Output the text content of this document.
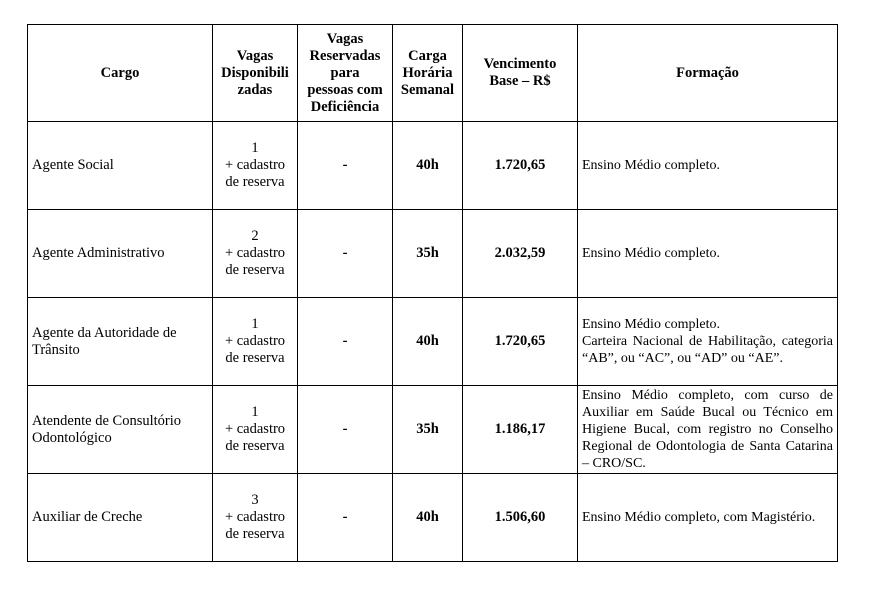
Cargo	Vagas
Disponibili
zadas	Vagas
Reservadas
para
pessoas com
Deficiência	Carga
Horária
Semanal	Vencimento
Base – R$	Formação

Agente Social	1
+ cadastro
de reserva	-	40h	1.720,65	Ensino Médio completo.

Agente Administrativo	2
+ cadastro
de reserva	-	35h	2.032,59	Ensino Médio completo.

Agente da Autoridade de
Trânsito	1
+ cadastro
de reserva	-	40h	1.720,65	Ensino Médio completo.
Carteira Nacional de Habilitação, categoria “AB”, ou “AC”, ou “AD” ou “AE”.

Atendente de Consultório
Odontológico	1
+ cadastro
de reserva	-	35h	1.186,17	Ensino Médio completo, com curso de Auxiliar em Saúde Bucal ou Técnico em Higiene Bucal, com registro no Conselho Regional de Odontologia de Santa Catarina – CRO/SC.

Auxiliar de Creche	3
+ cadastro
de reserva	-	40h	1.506,60	Ensino Médio completo, com Magistério.
